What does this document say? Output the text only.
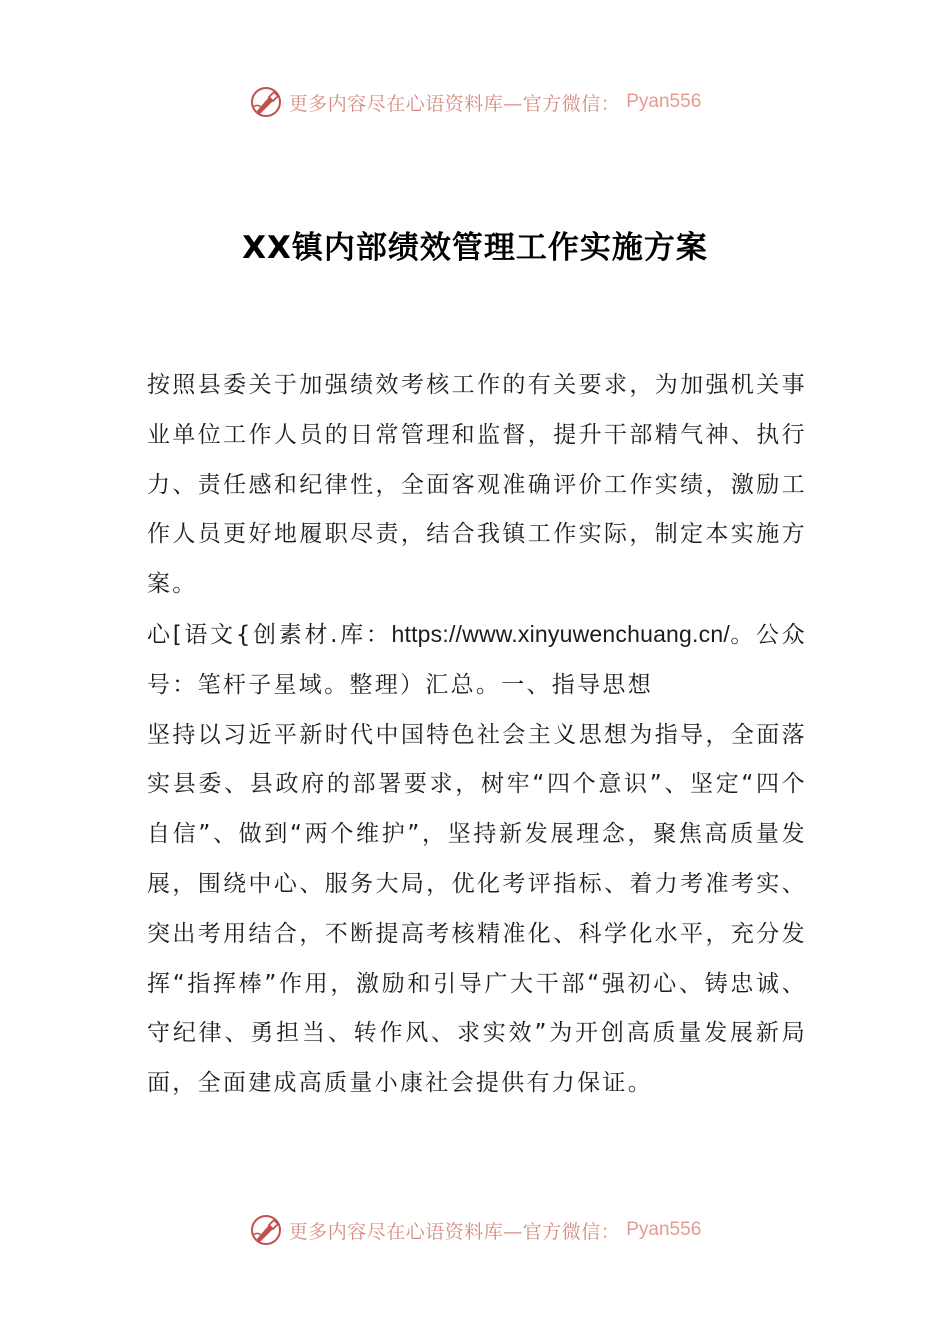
更多内容尽在心语资料库—官方微信： Pyan556
XX镇内部绩效管理工作实施方案

按照县委关于加强绩效考核工作的有关要求，为加强机关事业单位工作人员的日常管理和监督，提升干部精气神、执行力、责任感和纪律性，全面客观准确评价工作实绩，激励工作人员更好地履职尽责，结合我镇工作实际，制定本实施方案。

心[语文{创素材.库：https://www.xinyuwenchuang.cn/。公众号：笔杆子星域。整理）汇总。一、指导思想

坚持以习近平新时代中国特色社会主义思想为指导，全面落实县委、县政府的部署要求，树牢“四个意识”、坚定“四个自信”、做到“两个维护”，坚持新发展理念，聚焦高质量发展，围绕中心、服务大局，优化考评指标、着力考准考实、突出考用结合，不断提高考核精准化、科学化水平，充分发挥“指挥棒”作用，激励和引导广大干部“强初心、铸忠诚、守纪律、勇担当、转作风、求实效”为开创高质量发展新局面，全面建成高质量小康社会提供有力保证。

更多内容尽在心语资料库—官方微信： Pyan556
